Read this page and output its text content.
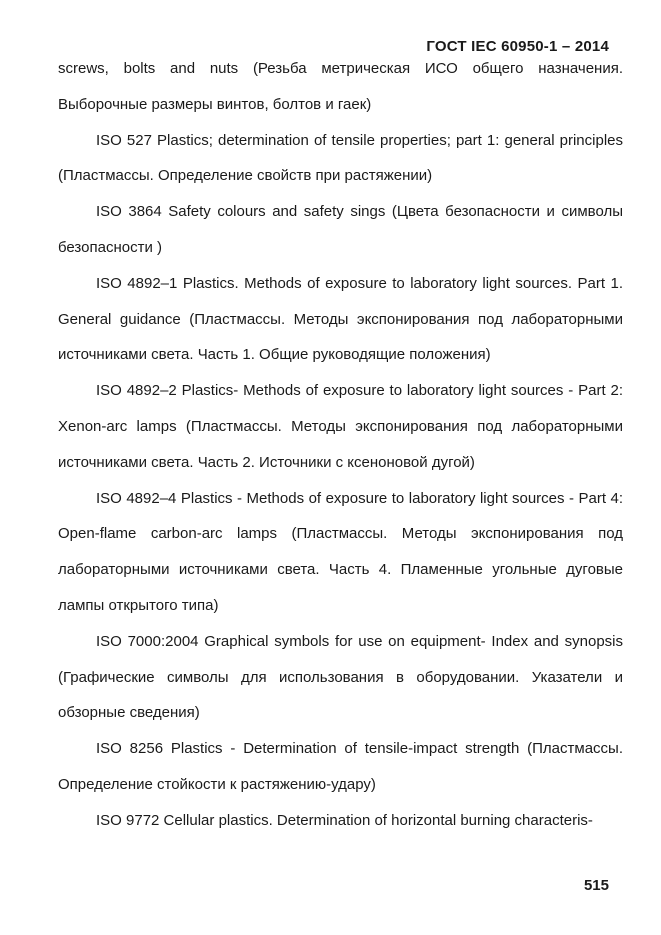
ГОСТ IEC 60950-1 – 2014

screws, bolts and nuts (Резьба метрическая ИСО общего назначения. Выборочные размеры винтов, болтов и гаек)

ISO 527 Plastics; determination of tensile properties; part 1: general principles (Пластмассы. Определение свойств при растяжении)

ISO 3864 Safety colours and safety sings (Цвета безопасности и символы безопасности )

ISO 4892–1 Plastics. Methods of exposure to laboratory light sources. Part 1. General guidance (Пластмассы. Методы экспонирования под лабораторными источниками света. Часть 1. Общие руководящие положения)

ISO 4892–2 Plastics- Methods of exposure to laboratory light sources - Part 2: Xenon-arc lamps (Пластмассы. Методы экспонирования под лабораторными источниками света. Часть 2. Источники с ксеноновой дугой)

ISO 4892–4 Plastics - Methods of exposure to laboratory light sources - Part 4: Open-flame carbon-arc lamps (Пластмассы. Методы экспонирования под лабораторными источниками света. Часть 4. Пламенные угольные дуговые лампы открытого типа)

ISO 7000:2004 Graphical symbols for use on equipment- Index and synopsis (Графические символы для использования в оборудовании. Указатели и обзорные сведения)

ISO 8256 Plastics - Determination of tensile-impact strength (Пластмассы. Определение стойкости к растяжению-удару)

ISO 9772 Cellular plastics. Determination of horizontal burning characteris-

515
